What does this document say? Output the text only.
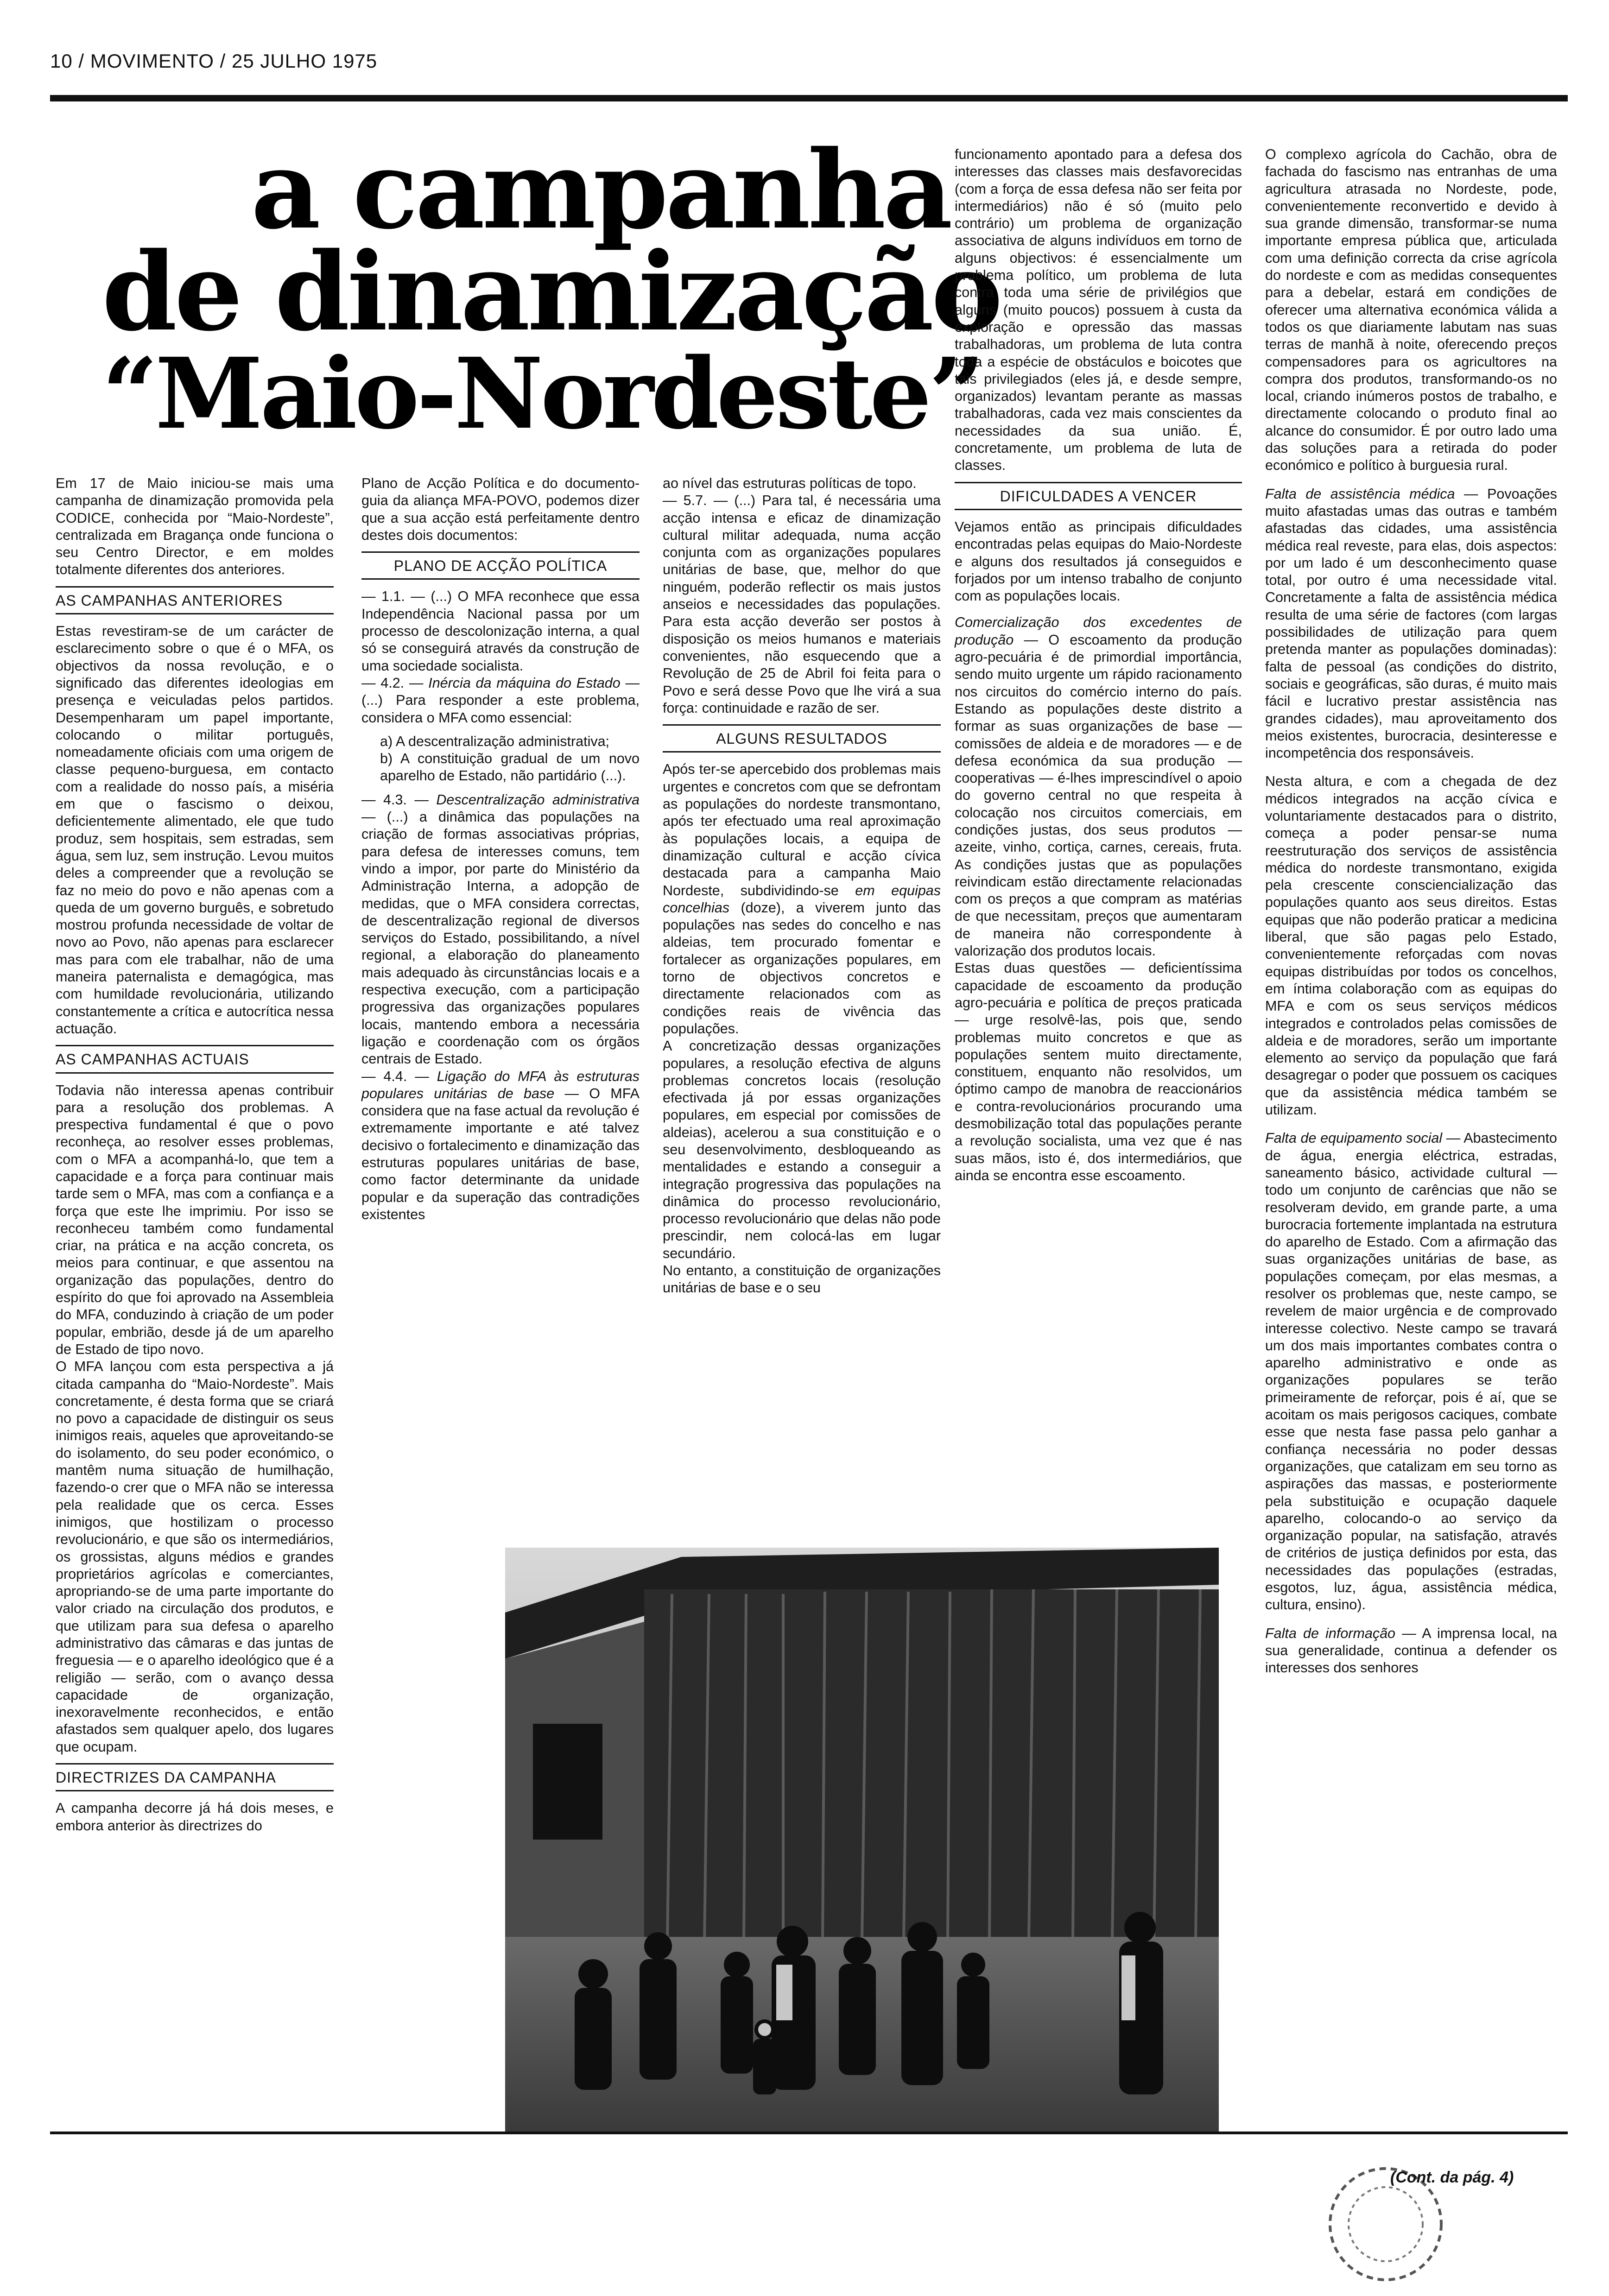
10 / MOVIMENTO / 25 JULHO 1975
a campanha
de dinamização
“Maio-Nordeste”

Em 17 de Maio iniciou-se mais uma campanha de dinamização promovida pela CODICE, conhecida por “Maio-Nordeste”, centralizada em Bragança onde funciona o seu Centro Director, e em moldes totalmente diferentes dos anteriores.

AS CAMPANHAS ANTERIORES

Estas revestiram-se de um carácter de esclarecimento sobre o que é o MFA, os objectivos da nossa revolução, e o significado das diferentes ideologias em presença e veiculadas pelos partidos. Desempenharam um papel importante, colocando o militar português, nomeadamente oficiais com uma origem de classe pequeno-burguesa, em contacto com a realidade do nosso país, a miséria em que o fascismo o deixou, deficientemente alimentado, ele que tudo produz, sem hospitais, sem estradas, sem água, sem luz, sem instrução. Levou muitos deles a compreender que a revolução se faz no meio do povo e não apenas com a queda de um governo burguês, e sobretudo mostrou profunda necessidade de voltar de novo ao Povo, não apenas para esclarecer mas para com ele trabalhar, não de uma maneira paternalista e demagógica, mas com humildade revolucionária, utilizando constantemente a crítica e autocrítica nessa actuação.

AS CAMPANHAS ACTUAIS

Todavia não interessa apenas contribuir para a resolução dos problemas. A prespectiva fundamental é que o povo reconheça, ao resolver esses problemas, com o MFA a acompanhá-lo, que tem a capacidade e a força para continuar mais tarde sem o MFA, mas com a confiança e a força que este lhe imprimiu. Por isso se reconheceu também como fundamental criar, na prática e na acção concreta, os meios para continuar, e que assentou na organização das populações, dentro do espírito do que foi aprovado na Assembleia do MFA, conduzindo à criação de um poder popular, embrião, desde já de um aparelho de Estado de tipo novo.

O MFA lançou com esta perspectiva a já citada campanha do “Maio-Nordeste”. Mais concretamente, é desta forma que se criará no povo a capacidade de distinguir os seus inimigos reais, aqueles que aproveitando-se do isolamento, do seu poder económico, o mantêm numa situação de humilhação, fazendo-o crer que o MFA não se interessa pela realidade que os cerca. Esses inimigos, que hostilizam o processo revolucionário, e que são os intermediários, os grossistas, alguns médios e grandes proprietários agrícolas e comerciantes, apropriando-se de uma parte importante do valor criado na circulação dos produtos, e que utilizam para sua defesa o aparelho administrativo das câmaras e das juntas de freguesia — e o aparelho ideológico que é a religião — serão, com o avanço dessa capacidade de organização, inexoravelmente reconhecidos, e então afastados sem qualquer apelo, dos lugares que ocupam.

DIRECTRIZES DA CAMPANHA

A campanha decorre já há dois meses, e embora anterior às directrizes do

Plano de Acção Política e do documento-guia da aliança MFA-POVO, podemos dizer que a sua acção está perfeitamente dentro destes dois documentos:

PLANO DE ACÇÃO POLÍTICA

— 1.1. — (...) O MFA reconhece que essa Independência Nacional passa por um processo de descolonização interna, a qual só se conseguirá através da construção de uma sociedade socialista.

— 4.2. — Inércia da máquina do Estado — (...) Para responder a este problema, considera o MFA como essencial:

a) A descentralização administrativa;

b) A constituição gradual de um novo aparelho de Estado, não partidário (...).

— 4.3. — Descentralização administrativa — (...) a dinâmica das populações na criação de formas associativas próprias, para defesa de interesses comuns, tem vindo a impor, por parte do Ministério da Administração Interna, a adopção de medidas, que o MFA considera correctas, de descentralização regional de diversos serviços do Estado, possibilitando, a nível regional, a elaboração do planeamento mais adequado às circunstâncias locais e a respectiva execução, com a participação progressiva das organizações populares locais, mantendo embora a necessária ligação e coordenação com os órgãos centrais de Estado.

— 4.4. — Ligação do MFA às estruturas populares unitárias de base — O MFA considera que na fase actual da revolução é extremamente importante e até talvez decisivo o fortalecimento e dinamização das estruturas populares unitárias de base, como factor determinante da unidade popular e da superação das contradições existentes

ao nível das estruturas políticas de topo.

— 5.7. — (...) Para tal, é necessária uma acção intensa e eficaz de dinamização cultural militar adequada, numa acção conjunta com as organizações populares unitárias de base, que, melhor do que ninguém, poderão reflectir os mais justos anseios e necessidades das populações. Para esta acção deverão ser postos à disposição os meios humanos e materiais convenientes, não esquecendo que a Revolução de 25 de Abril foi feita para o Povo e será desse Povo que lhe virá a sua força: continuidade e razão de ser.

ALGUNS RESULTADOS

Após ter-se apercebido dos problemas mais urgentes e concretos com que se defrontam as populações do nordeste transmontano, após ter efectuado uma real aproximação às populações locais, a equipa de dinamização cultural e acção cívica destacada para a campanha Maio Nordeste, subdividindo-se em equipas concelhias (doze), a viverem junto das populações nas sedes do concelho e nas aldeias, tem procurado fomentar e fortalecer as organizações populares, em torno de objectivos concretos e directamente relacionados com as condições reais de vivência das populações.

A concretização dessas organizações populares, a resolução efectiva de alguns problemas concretos locais (resolução efectivada já por essas organizações populares, em especial por comissões de aldeias), acelerou a sua constituição e o seu desenvolvimento, desbloqueando as mentalidades e estando a conseguir a integração progressiva das populações na dinâmica do processo revolucionário, processo revolucionário que delas não pode prescindir, nem colocá-las em lugar secundário.

No entanto, a constituição de organizações unitárias de base e o seu

funcionamento apontado para a defesa dos interesses das classes mais desfavorecidas (com a força de essa defesa não ser feita por intermediários) não é só (muito pelo contrário) um problema de organização associativa de alguns indivíduos em torno de alguns objectivos: é essencialmente um problema político, um problema de luta contra toda uma série de privilégios que alguns (muito poucos) possuem à custa da exploração e opressão das massas trabalhadoras, um problema de luta contra toda a espécie de obstáculos e boicotes que tais privilegiados (eles já, e desde sempre, organizados) levantam perante as massas trabalhadoras, cada vez mais conscientes da necessidades da sua união. É, concretamente, um problema de luta de classes.

DIFICULDADES A VENCER

Vejamos então as principais dificuldades encontradas pelas equipas do Maio-Nordeste e alguns dos resultados já conseguidos e forjados por um intenso trabalho de conjunto com as populações locais.

Comercialização dos excedentes de produção — O escoamento da produção agro-pecuária é de primordial importância, sendo muito urgente um rápido racionamento nos circuitos do comércio interno do país. Estando as populações deste distrito a formar as suas organizações de base — comissões de aldeia e de moradores — e de defesa económica da sua produção — cooperativas — é-lhes imprescindível o apoio do governo central no que respeita à colocação nos circuitos comerciais, em condições justas, dos seus produtos — azeite, vinho, cortiça, carnes, cereais, fruta. As condições justas que as populações reivindicam estão directamente relacionadas com os preços a que compram as matérias de que necessitam, preços que aumentaram de maneira não correspondente à valorização dos produtos locais.

Estas duas questões — deficientíssima capacidade de escoamento da produção agro-pecuária e política de preços praticada — urge resolvê-las, pois que, sendo problemas muito concretos e que as populações sentem muito directamente, constituem, enquanto não resolvidos, um óptimo campo de manobra de reaccionários e contra-revolucionários procurando uma desmobilização total das populações perante a revolução socialista, uma vez que é nas suas mãos, isto é, dos intermediários, que ainda se encontra esse escoamento.

O complexo agrícola do Cachão, obra de fachada do fascismo nas entranhas de uma agricultura atrasada no Nordeste, pode, convenientemente reconvertido e devido à sua grande dimensão, transformar-se numa importante empresa pública que, articulada com uma definição correcta da crise agrícola do nordeste e com as medidas consequentes para a debelar, estará em condições de oferecer uma alternativa económica válida a todos os que diariamente labutam nas suas terras de manhã à noite, oferecendo preços compensadores para os agricultores na compra dos produtos, transformando-os no local, criando inúmeros postos de trabalho, e directamente colocando o produto final ao alcance do consumidor. É por outro lado uma das soluções para a retirada do poder económico e político à burguesia rural.

Falta de assistência médica — Povoações muito afastadas umas das outras e também afastadas das cidades, uma assistência médica real reveste, para elas, dois aspectos: por um lado é um desconhecimento quase total, por outro é uma necessidade vital. Concretamente a falta de assistência médica resulta de uma série de factores (com largas possibilidades de utilização para quem pretenda manter as populações dominadas): falta de pessoal (as condições do distrito, sociais e geográficas, são duras, é muito mais fácil e lucrativo prestar assistência nas grandes cidades), mau aproveitamento dos meios existentes, burocracia, desinteresse e incompetência dos responsáveis.

Nesta altura, e com a chegada de dez médicos integrados na acção cívica e voluntariamente destacados para o distrito, começa a poder pensar-se numa reestruturação dos serviços de assistência médica do nordeste transmontano, exigida pela crescente consciencialização das populações quanto aos seus direitos. Estas equipas que não poderão praticar a medicina liberal, que são pagas pelo Estado, convenientemente reforçadas com novas equipas distribuídas por todos os concelhos, em íntima colaboração com as equipas do MFA e com os seus serviços médicos integrados e controlados pelas comissões de aldeia e de moradores, serão um importante elemento ao serviço da população que fará desagregar o poder que possuem os caciques que da assistência médica também se utilizam.

Falta de equipamento social — Abastecimento de água, energia eléctrica, estradas, saneamento básico, actividade cultural — todo um conjunto de carências que não se resolveram devido, em grande parte, a uma burocracia fortemente implantada na estrutura do aparelho de Estado. Com a afirmação das suas organizações unitárias de base, as populações começam, por elas mesmas, a resolver os problemas que, neste campo, se revelem de maior urgência e de comprovado interesse colectivo. Neste campo se travará um dos mais importantes combates contra o aparelho administrativo e onde as organizações populares se terão primeiramente de reforçar, pois é aí, que se acoitam os mais perigosos caciques, combate esse que nesta fase passa pelo ganhar a confiança necessária no poder dessas organizações, que catalizam em seu torno as aspirações das massas, e posteriormente pela substituição e ocupação daquele aparelho, colocando-o ao serviço da organização popular, na satisfação, através de critérios de justiça definidos por esta, das necessidades das populações (estradas, esgotos, luz, água, assistência médica, cultura, ensino).

Falta de informação — A imprensa local, na sua generalidade, continua a defender os interesses dos senhores

(Cont. da pág. 4)
